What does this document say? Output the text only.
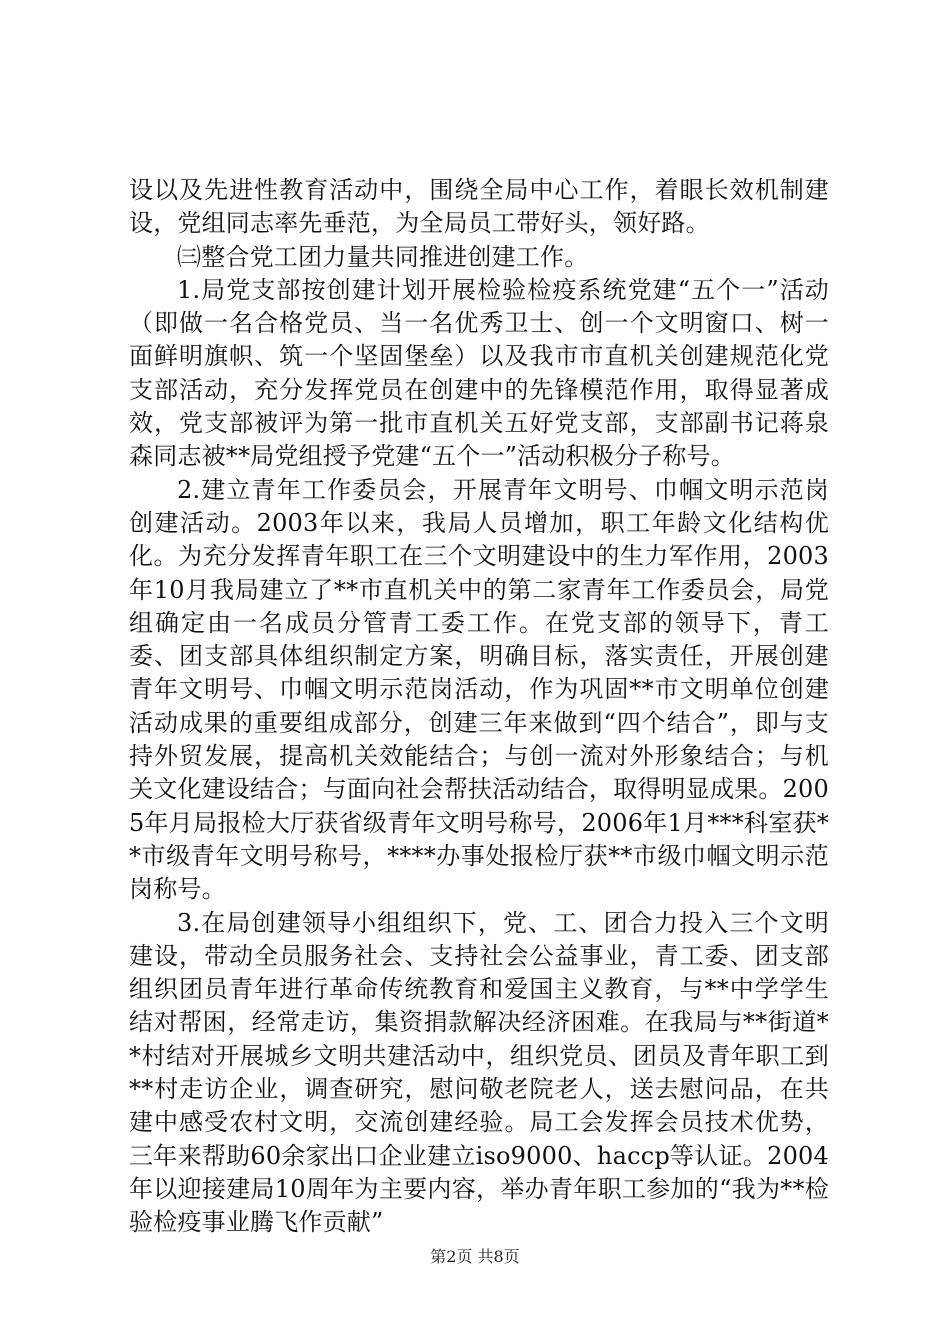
设以及先进性教育活动中，围绕全局中心工作，着眼长效机制建设，党组同志率先垂范，为全局员工带好头，领好路。

㈢整合党工团力量共同推进创建工作。

1.局党支部按创建计划开展检验检疫系统党建“五个一”活动（即做一名合格党员、当一名优秀卫士、创一个文明窗口、树一面鲜明旗帜、筑一个坚固堡垒）以及我市市直机关创建规范化党支部活动，充分发挥党员在创建中的先锋模范作用，取得显著成效，党支部被评为第一批市直机关五好党支部，支部副书记蒋泉森同志被**局党组授予党建“五个一”活动积极分子称号。

2.建立青年工作委员会，开展青年文明号、巾帼文明示范岗创建活动。2003年以来，我局人员增加，职工年龄文化结构优化。为充分发挥青年职工在三个文明建设中的生力军作用，2003年10月我局建立了**市直机关中的第二家青年工作委员会，局党组确定由一名成员分管青工委工作。在党支部的领导下，青工委、团支部具体组织制定方案，明确目标，落实责任，开展创建青年文明号、巾帼文明示范岗活动，作为巩固**市文明单位创建活动成果的重要组成部分，创建三年来做到“四个结合”，即与支持外贸发展，提高机关效能结合；与创一流对外形象结合；与机关文化建设结合；与面向社会帮扶活动结合，取得明显成果。2005年月局报检大厅获省级青年文明号称号，2006年1月***科室获**市级青年文明号称号，****办事处报检厅获**市级巾帼文明示范岗称号。

3.在局创建领导小组组织下，党、工、团合力投入三个文明建设，带动全员服务社会、支持社会公益事业，青工委、团支部组织团员青年进行革命传统教育和爱国主义教育，与**中学学生结对帮困，经常走访，集资捐款解决经济困难。在我局与**街道**村结对开展城乡文明共建活动中，组织党员、团员及青年职工到**村走访企业，调查研究，慰问敬老院老人，送去慰问品，在共建中感受农村文明，交流创建经验。局工会发挥会员技术优势，三年来帮助60余家出口企业建立iso9000、haccp等认证。2004年以迎接建局10周年为主要内容，举办青年职工参加的“我为**检验检疫事业腾飞作贡献”

第2页 共8页
